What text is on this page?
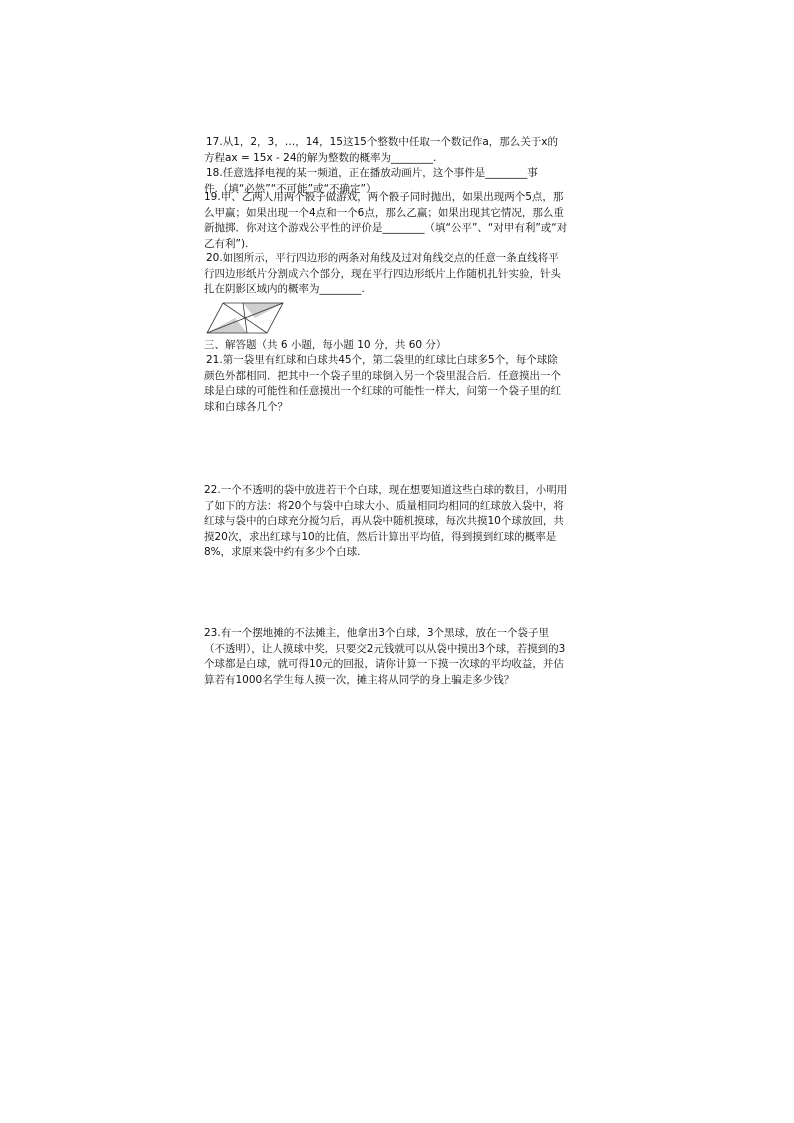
17.从1，2，3，…，14，15这15个整数中任取一个数记作a，那么关于x的
方程ax = 15x - 24的解为整数的概率为________.
18.任意选择电视的某一频道，正在播放动画片，这个事件是________事
件.（填“必然”“不可能”或“不确定”）
19.甲、乙两人用两个骰子做游戏，两个骰子同时抛出，如果出现两个5点，那
么甲赢；如果出现一个4点和一个6点，那么乙赢；如果出现其它情况，那么重
新抛掷．你对这个游戏公平性的评价是________（填“公平”、“对甲有利”或“对
乙有利”).
20.如图所示，平行四边形的两条对角线及过对角线交点的任意一条直线将平
行四边形纸片分割成六个部分，现在平行四边形纸片上作随机扎针实验，针头
扎在阴影区域内的概率为________.
三、解答题（共 6 小题，每小题 10 分，共 60 分）
21.第一袋里有红球和白球共45个，第二袋里的红球比白球多5个，每个球除
颜色外都相同．把其中一个袋子里的球倒入另一个袋里混合后．任意摸出一个
球是白球的可能性和任意摸出一个红球的可能性一样大，问第一个袋子里的红
球和白球各几个？
22.一个不透明的袋中放进若干个白球，现在想要知道这些白球的数目，小明用
了如下的方法：将20个与袋中白球大小、质量相同均相同的红球放入袋中，将
红球与袋中的白球充分搅匀后，再从袋中随机摸球，每次共摸10个球放回，共
摸20次，求出红球与10的比值，然后计算出平均值，得到摸到红球的概率是
8%，求原来袋中约有多少个白球.
23.有一个摆地摊的不法摊主，他拿出3个白球，3个黑球，放在一个袋子里
（不透明），让人摸球中奖．只要交2元钱就可以从袋中摸出3个球，若摸到的3
个球都是白球，就可得10元的回报，请你计算一下摸一次球的平均收益，并估
算若有1000名学生每人摸一次，摊主将从同学的身上骗走多少钱？
